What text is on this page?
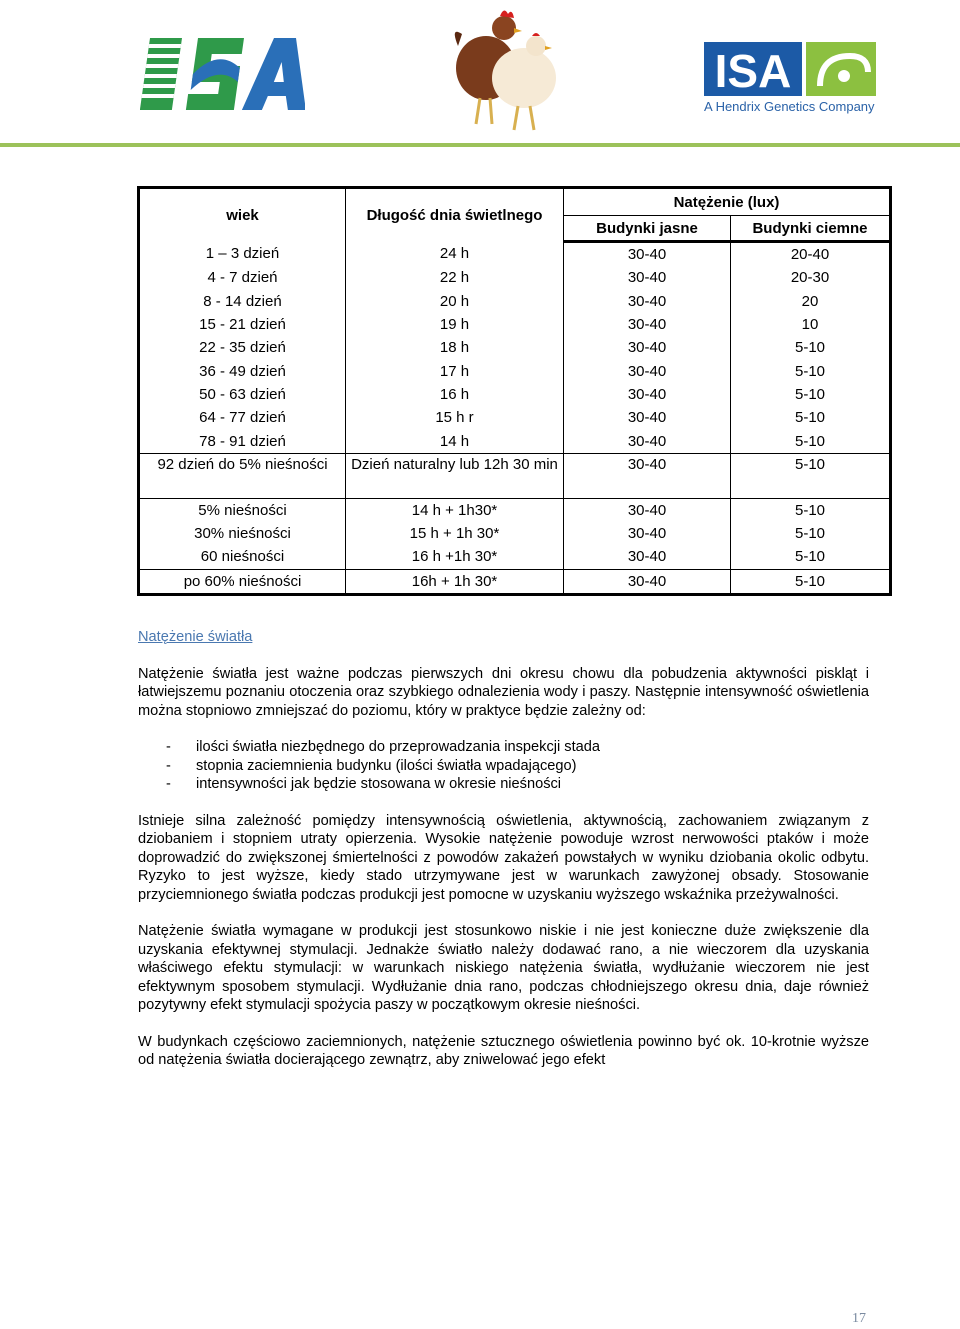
ISA
A Hendrix Genetics Company
wiek	Długość dnia świetlnego	Natężenie (lux)	
		Budynki jasne	Budynki ciemne
1 – 3 dzień	24 h	30-40	20-40
4 - 7 dzień	22 h	30-40	20-30
8 - 14 dzień	20 h	30-40	20
15 - 21 dzień	19 h	30-40	10
22 - 35 dzień	18 h	30-40	5-10
36 - 49 dzień	17 h	30-40	5-10
50 - 63 dzień	16 h	30-40	5-10
64 - 77 dzień	15 h r	30-40	5-10
78 - 91 dzień	14 h	30-40	5-10
92 dzień do 5% nieśności	Dzień naturalny lub 12h 30 min	30-40	5-10
5% nieśności	14 h + 1h30*	30-40	5-10
30% nieśności	15 h + 1h 30*	30-40	5-10
60 nieśności	16 h +1h 30*	30-40	5-10
po 60% nieśności	16h + 1h 30*	30-40	5-10
Natężenie światła

Natężenie światła jest ważne podczas pierwszych dni okresu chowu dla pobudzenia aktywności piskląt i łatwiejszemu poznaniu otoczenia oraz szybkiego odnalezienia wody i paszy. Następnie intensywność oświetlenia można stopniowo zmniejszać do poziomu, który w praktyce będzie zależny od:

- ilości światła niezbędnego do przeprowadzania inspekcji stada
- stopnia zaciemnienia budynku (ilości światła wpadającego)
- intensywności jak będzie stosowana w okresie nieśności

Istnieje silna zależność pomiędzy intensywnością oświetlenia, aktywnością, zachowaniem związanym z dziobaniem i stopniem utraty opierzenia. Wysokie natężenie powoduje wzrost nerwowości ptaków i może doprowadzić do zwiększonej śmiertelności z powodów zakażeń powstałych w wyniku dziobania okolic odbytu. Ryzyko to jest wyższe, kiedy stado utrzymywane jest w warunkach zawyżonej obsady. Stosowanie przyciemnionego światła podczas produkcji jest pomocne w uzyskaniu wyższego wskaźnika przeżywalności.

Natężenie światła wymagane w produkcji jest stosunkowo niskie i nie jest konieczne duże zwiększenie dla uzyskania efektywnej stymulacji. Jednakże światło należy dodawać rano, a nie wieczorem dla uzyskania właściwego efektu stymulacji: w warunkach niskiego natężenia światła, wydłużanie wieczorem nie jest efektywnym sposobem stymulacji. Wydłużanie dnia rano, podczas chłodniejszego okresu dnia, daje również pozytywny efekt stymulacji spożycia paszy w początkowym okresie nieśności.

W budynkach częściowo zaciemnionych, natężenie sztucznego oświetlenia powinno być ok. 10-krotnie wyższe od natężenia światła docierającego zewnątrz, aby zniwelować jego efekt

17
